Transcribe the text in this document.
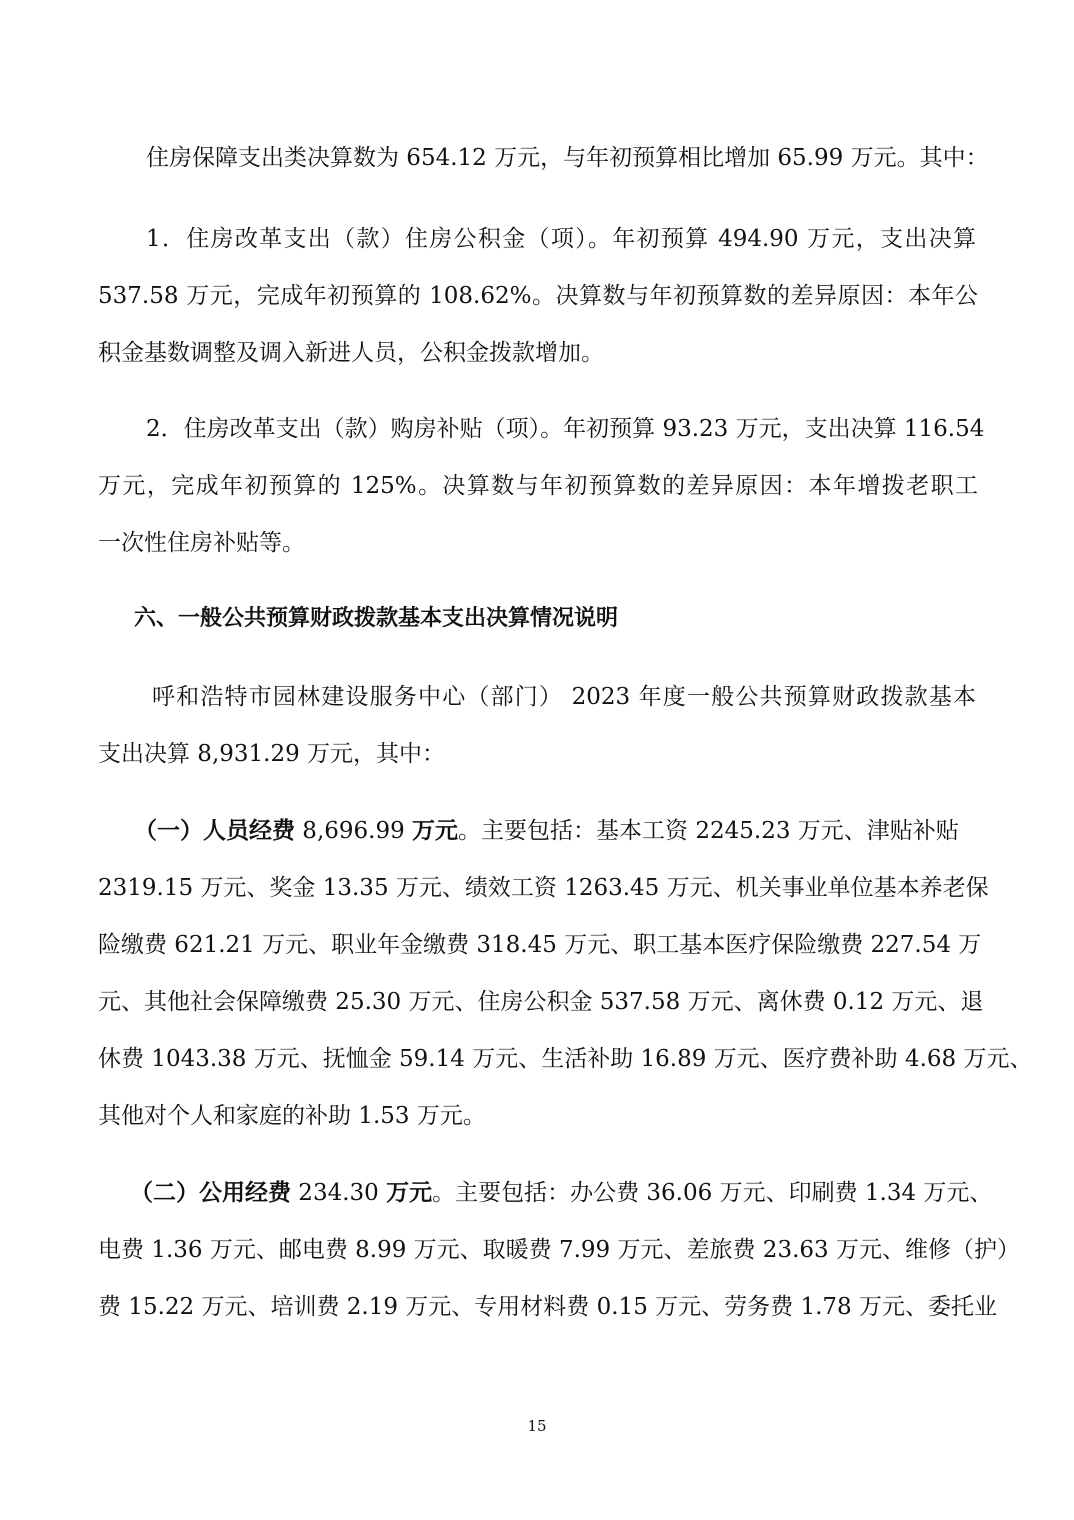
住房保障支出类决算数为 654.12 万元，与年初预算相比增加 65.99 万元。其中：
1．住房改革支出（款）住房公积金（项）。年初预算 494.90 万元，支出决算
537.58 万元，完成年初预算的 108.62%。决算数与年初预算数的差异原因：本年公
积金基数调整及调入新进人员，公积金拨款增加。
2．住房改革支出（款）购房补贴（项）。年初预算 93.23 万元，支出决算 116.54
万元，完成年初预算的 125%。决算数与年初预算数的差异原因：本年增拨老职工
一次性住房补贴等。
六、一般公共预算财政拨款基本支出决算情况说明
呼和浩特市园林建设服务中心（部门） 2023 年度一般公共预算财政拨款基本
支出决算 8,931.29 万元，其中：
（一）人员经费 8,696.99 万元。主要包括：基本工资 2245.23 万元、津贴补贴
2319.15 万元、奖金 13.35 万元、绩效工资 1263.45 万元、机关事业单位基本养老保
险缴费 621.21 万元、职业年金缴费 318.45 万元、职工基本医疗保险缴费 227.54 万
元、其他社会保障缴费 25.30 万元、住房公积金 537.58 万元、离休费 0.12 万元、退
休费 1043.38 万元、抚恤金 59.14 万元、生活补助 16.89 万元、医疗费补助 4.68 万元、
其他对个人和家庭的补助 1.53 万元。
（二）公用经费 234.30 万元。主要包括：办公费 36.06 万元、印刷费 1.34 万元、
电费 1.36 万元、邮电费 8.99 万元、取暖费 7.99 万元、差旅费 23.63 万元、维修（护）
费 15.22 万元、培训费 2.19 万元、专用材料费 0.15 万元、劳务费 1.78 万元、委托业
15
